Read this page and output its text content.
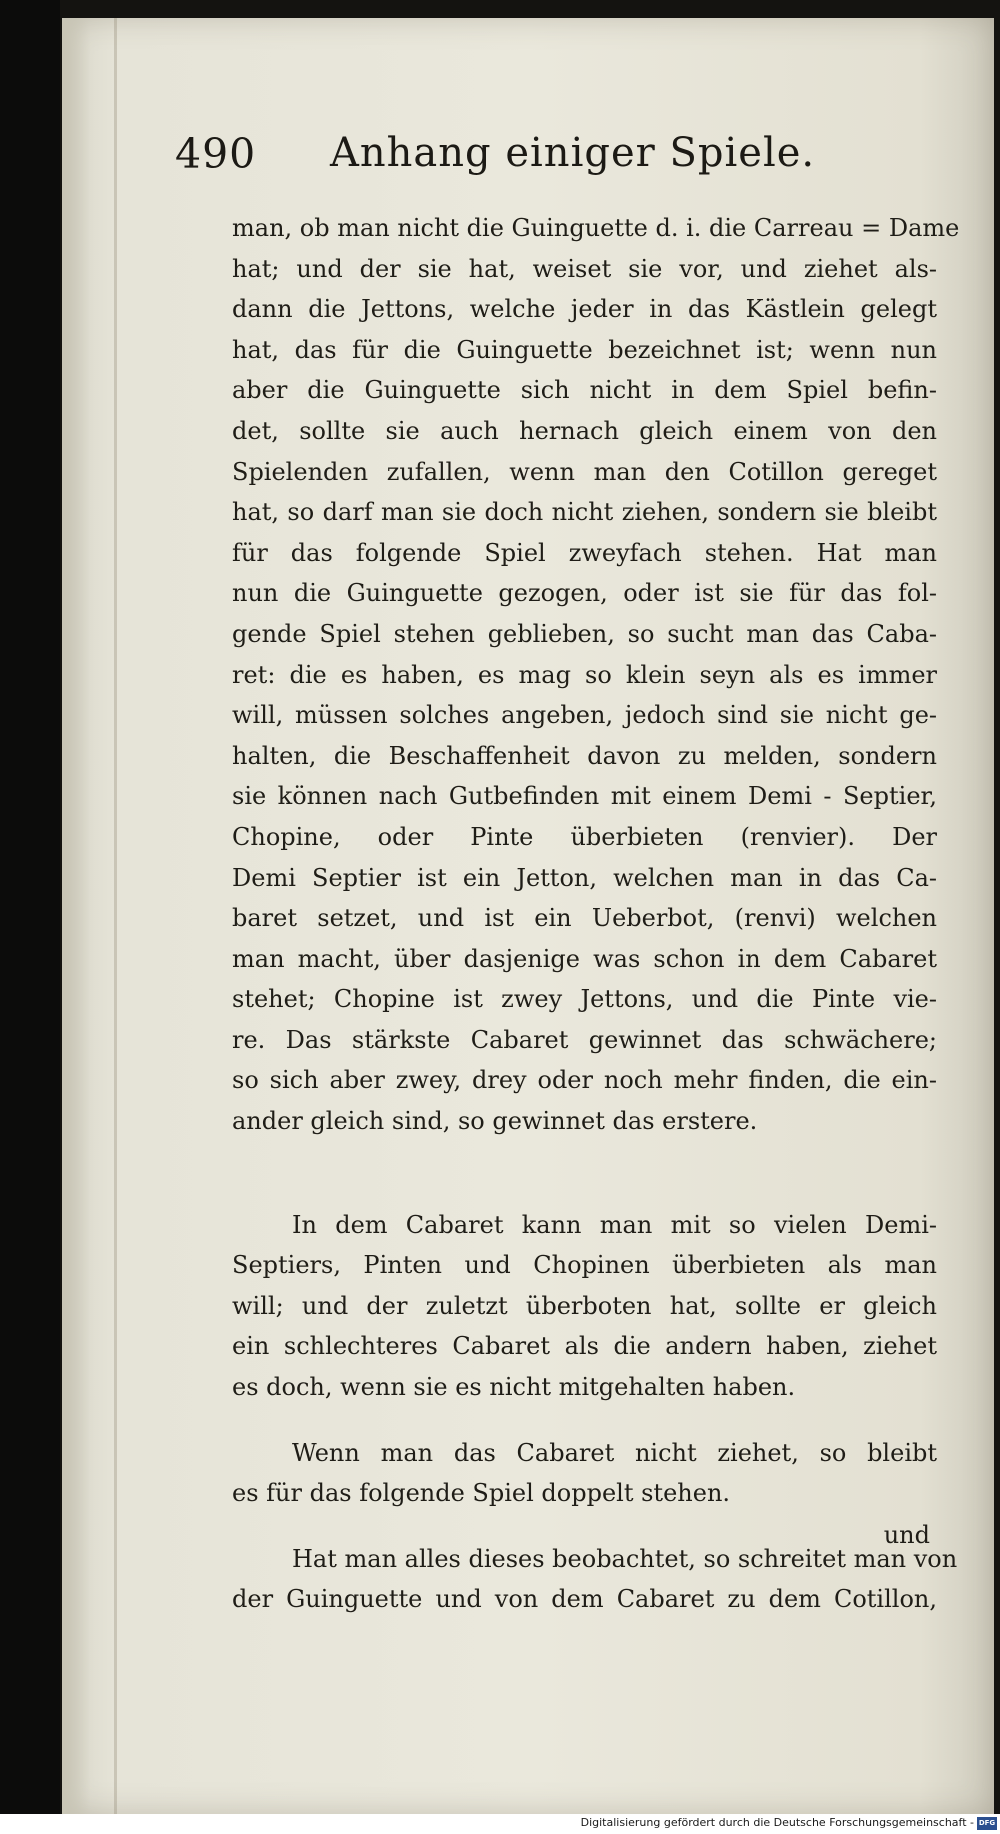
490 Anhang einiger Spiele.
man, ob man nicht die Guinguette d. i. die Carreau = Dame
hat; und der sie hat, weiset sie vor, und ziehet als-
dann die Jettons, welche jeder in das Kästlein gelegt
hat, das für die Guinguette bezeichnet ist; wenn nun
aber die Guinguette sich nicht in dem Spiel befin-
det, sollte sie auch hernach gleich einem von den
Spielenden zufallen, wenn man den Cotillon gereget
hat, so darf man sie doch nicht ziehen, sondern sie bleibt
für das folgende Spiel zweyfach stehen. Hat man
nun die Guinguette gezogen, oder ist sie für das fol-
gende Spiel stehen geblieben, so sucht man das Caba-
ret: die es haben, es mag so klein seyn als es immer
will, müssen solches angeben, jedoch sind sie nicht ge-
halten, die Beschaffenheit davon zu melden, sondern
sie können nach Gutbefinden mit einem Demi - Septier,
Chopine, oder Pinte überbieten (renvier). Der
Demi Septier ist ein Jetton, welchen man in das Ca-
baret setzet, und ist ein Ueberbot, (renvi) welchen
man macht, über dasjenige was schon in dem Cabaret
stehet; Chopine ist zwey Jettons, und die Pinte vie-
re. Das stärkste Cabaret gewinnet das schwächere;
so sich aber zwey, drey oder noch mehr finden, die ein-
ander gleich sind, so gewinnet das erstere.
In dem Cabaret kann man mit so vielen Demi-
Septiers, Pinten und Chopinen überbieten als man
will; und der zuletzt überboten hat, sollte er gleich
ein schlechteres Cabaret als die andern haben, ziehet
es doch, wenn sie es nicht mitgehalten haben.
Wenn man das Cabaret nicht ziehet, so bleibt
es für das folgende Spiel doppelt stehen.
Hat man alles dieses beobachtet, so schreitet man von
der Guinguette und von dem Cabaret zu dem Cotillon,
und
Digitalisierung gefördert durch die Deutsche Forschungsgemeinschaft - DFG
